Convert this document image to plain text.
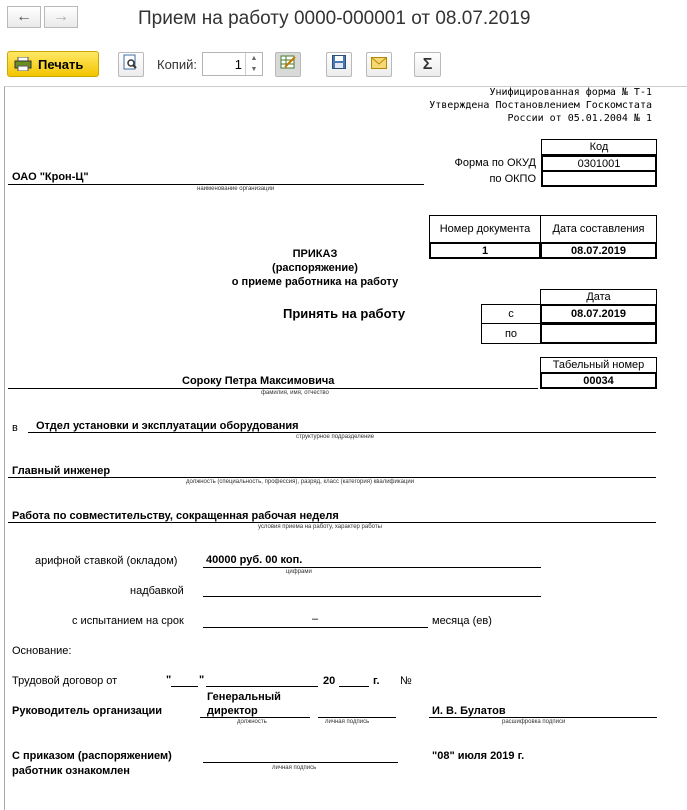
← →	Прием на работу 0000-000001 от 08.07.2019
Печать	Копий:	1	▲
▼	Σ
Унифицированная форма № Т-1
Утверждена Постановлением Госкомстата
России от 05.01.2004 № 1
Код
Форма по ОКУД	0301001
по ОКПО
ОАО "Крон-Ц"
наименование организации
Номер документа Дата составления
1	08.07.2019
ПРИКАЗ
(распоряжение)
о приеме работника на работу
Принять на работу
Дата
с	08.07.2019
по
Табельный номер
00034
Сороку Петра Максимовича
фамилия, имя, отчество
в Отдел установки и эксплуатации оборудования
структурное подразделение
Главный инженер
должность (специальность, профессия), разряд, класс (категория) квалификации
Работа по совместительству, сокращенная рабочая неделя
условия приема на работу, характер работы
арифной ставкой (окладом)	40000 руб. 00 коп.
цифрами
надбавкой
с испытанием на срок	–	месяца (ев)
Основание:
Трудовой договор от	"	"	20	г. №
Руководитель организации
Генеральный
директор
должность	личная подпись
И. В. Булатов
расшифровка подписи
С приказом (распоряжением)
работник ознакомлен	личная подпись
"08" июля 2019 г.
